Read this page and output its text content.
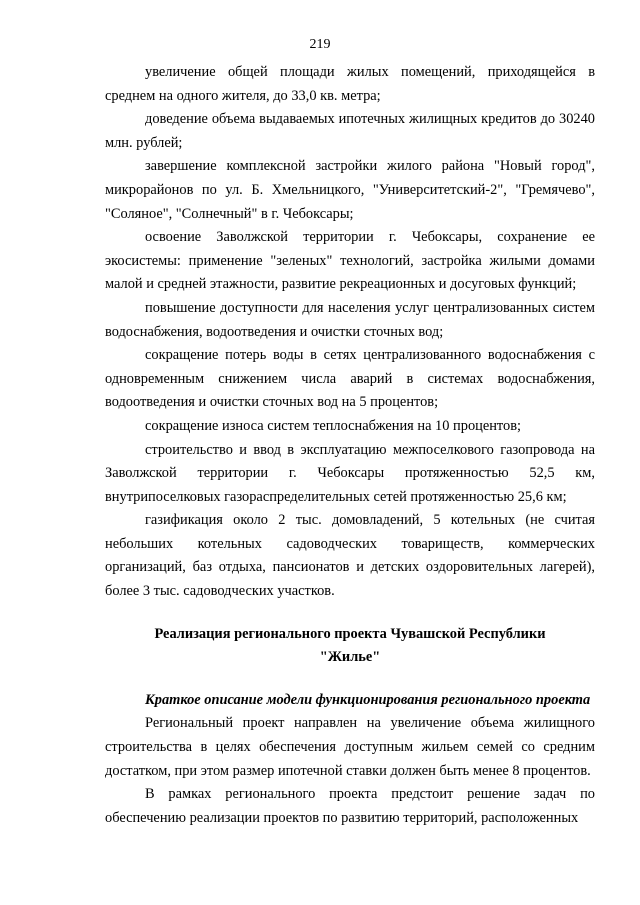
219

увеличение общей площади жилых помещений, приходящейся в среднем на одного жителя, до 33,0 кв. метра;

доведение объема выдаваемых ипотечных жилищных кредитов до 30240 млн. рублей;

завершение комплексной застройки жилого района "Новый город", микрорайонов по ул. Б. Хмельницкого, "Университетский-2", "Гремячево", "Соляное", "Солнечный" в г. Чебоксары;

освоение Заволжской территории г. Чебоксары, сохранение ее экосистемы: применение "зеленых" технологий, застройка жилыми домами малой и средней этажности, развитие рекреационных и досуговых функций;

повышение доступности для населения услуг централизованных систем водоснабжения, водоотведения и очистки сточных вод;

сокращение потерь воды в сетях централизованного водоснабжения с одновременным снижением числа аварий в системах водоснабжения, водоотведения и очистки сточных вод на 5 процентов;

сокращение износа систем теплоснабжения на 10 процентов;

строительство и ввод в эксплуатацию межпоселкового газопровода на Заволжской территории г. Чебоксары протяженностью 52,5 км, внутрипоселковых газораспределительных сетей протяженностью 25,6 км;

газификация около 2 тыс. домовладений, 5 котельных (не считая небольших котельных садоводческих товариществ, коммерческих организаций, баз отдыха, пансионатов и детских оздоровительных лагерей), более 3 тыс. садоводческих участков.

Реализация регионального проекта Чувашской Республики
"Жилье"

Краткое описание модели функционирования регионального проекта

Региональный проект направлен на увеличение объема жилищного строительства в целях обеспечения доступным жильем семей со средним достатком, при этом размер ипотечной ставки должен быть менее 8 процентов.

В рамках регионального проекта предстоит решение задач по обеспечению реализации проектов по развитию территорий, расположенных
